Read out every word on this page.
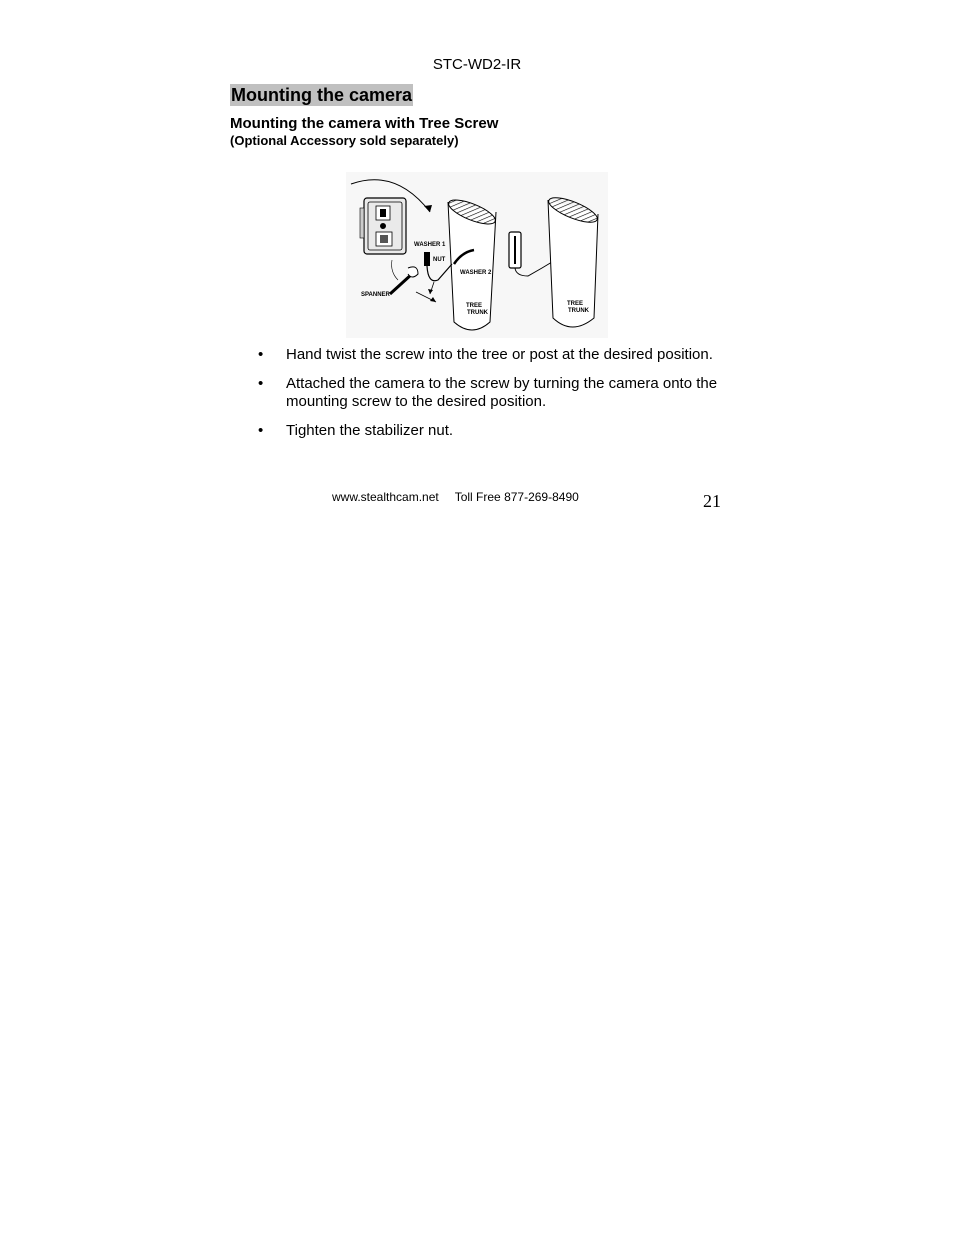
STC-WD2-IR
Mounting the camera
Mounting the camera with Tree Screw
(Optional Accessory sold separately)
WASHER 1
NUT
WASHER 2
SPANNER
TREE
TRUNK
TREE
TRUNK
• Hand twist the screw into the tree or post at the desired position.
• Attached the camera to the screw by turning the camera onto the mounting screw to the desired position.
• Tighten the stabilizer nut.
www.stealthcam.net Toll Free 877-269-8490	21
